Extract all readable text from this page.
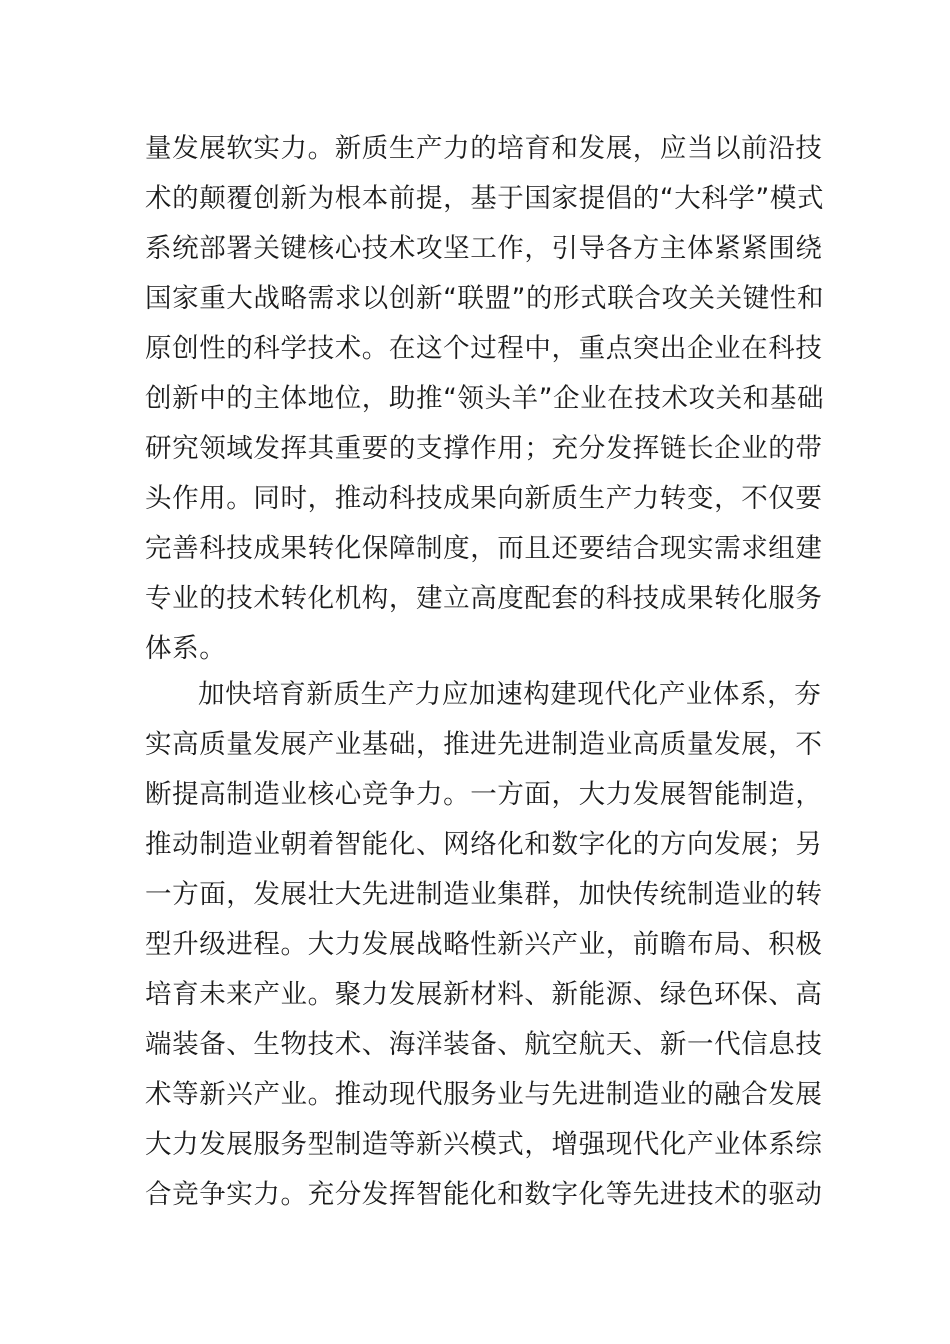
量发展软实力。新质生产力的培育和发展，应当以前沿技
术的颠覆创新为根本前提，基于国家提倡的“大科学”模式
系统部署关键核心技术攻坚工作，引导各方主体紧紧围绕
国家重大战略需求以创新“联盟”的形式联合攻关关键性和
原创性的科学技术。在这个过程中，重点突出企业在科技
创新中的主体地位，助推“领头羊”企业在技术攻关和基础
研究领域发挥其重要的支撑作用；充分发挥链长企业的带
头作用。同时，推动科技成果向新质生产力转变，不仅要
完善科技成果转化保障制度，而且还要结合现实需求组建
专业的技术转化机构，建立高度配套的科技成果转化服务
体系。
加快培育新质生产力应加速构建现代化产业体系，夯
实高质量发展产业基础，推进先进制造业高质量发展，不
断提高制造业核心竞争力。一方面，大力发展智能制造，
推动制造业朝着智能化、网络化和数字化的方向发展；另
一方面，发展壮大先进制造业集群，加快传统制造业的转
型升级进程。大力发展战略性新兴产业，前瞻布局、积极
培育未来产业。聚力发展新材料、新能源、绿色环保、高
端装备、生物技术、海洋装备、航空航天、新一代信息技
术等新兴产业。推动现代服务业与先进制造业的融合发展
大力发展服务型制造等新兴模式，增强现代化产业体系综
合竞争实力。充分发挥智能化和数字化等先进技术的驱动
